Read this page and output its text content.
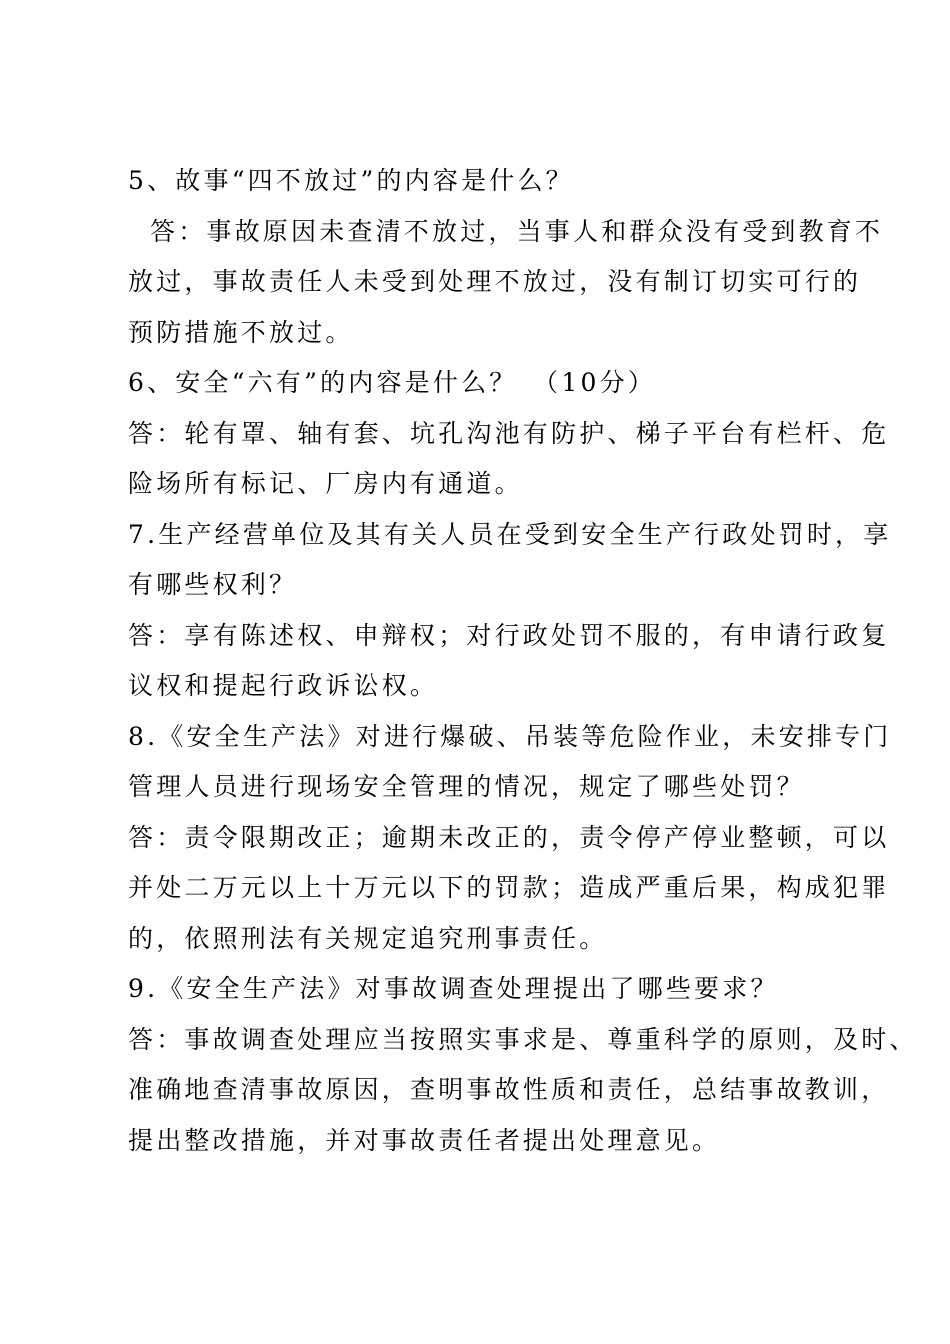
5、故事“四不放过”的内容是什么？
答：事故原因未查清不放过，当事人和群众没有受到教育不
放过，事故责任人未受到处理不放过，没有制订切实可行的
预防措施不放过。
6、安全“六有”的内容是什么？　（10分）
答：轮有罩、轴有套、坑孔沟池有防护、梯子平台有栏杆、危
险场所有标记、厂房内有通道。
7.生产经营单位及其有关人员在受到安全生产行政处罚时，享
有哪些权利？
答：享有陈述权、申辩权；对行政处罚不服的，有申请行政复
议权和提起行政诉讼权。
8.《安全生产法》对进行爆破、吊装等危险作业，未安排专门
管理人员进行现场安全管理的情况，规定了哪些处罚？
答：责令限期改正；逾期未改正的，责令停产停业整顿，可以
并处二万元以上十万元以下的罚款；造成严重后果，构成犯罪
的，依照刑法有关规定追究刑事责任。
9.《安全生产法》对事故调查处理提出了哪些要求？
答：事故调查处理应当按照实事求是、尊重科学的原则，及时、
准确地查清事故原因，查明事故性质和责任，总结事故教训，
提出整改措施，并对事故责任者提出处理意见。
